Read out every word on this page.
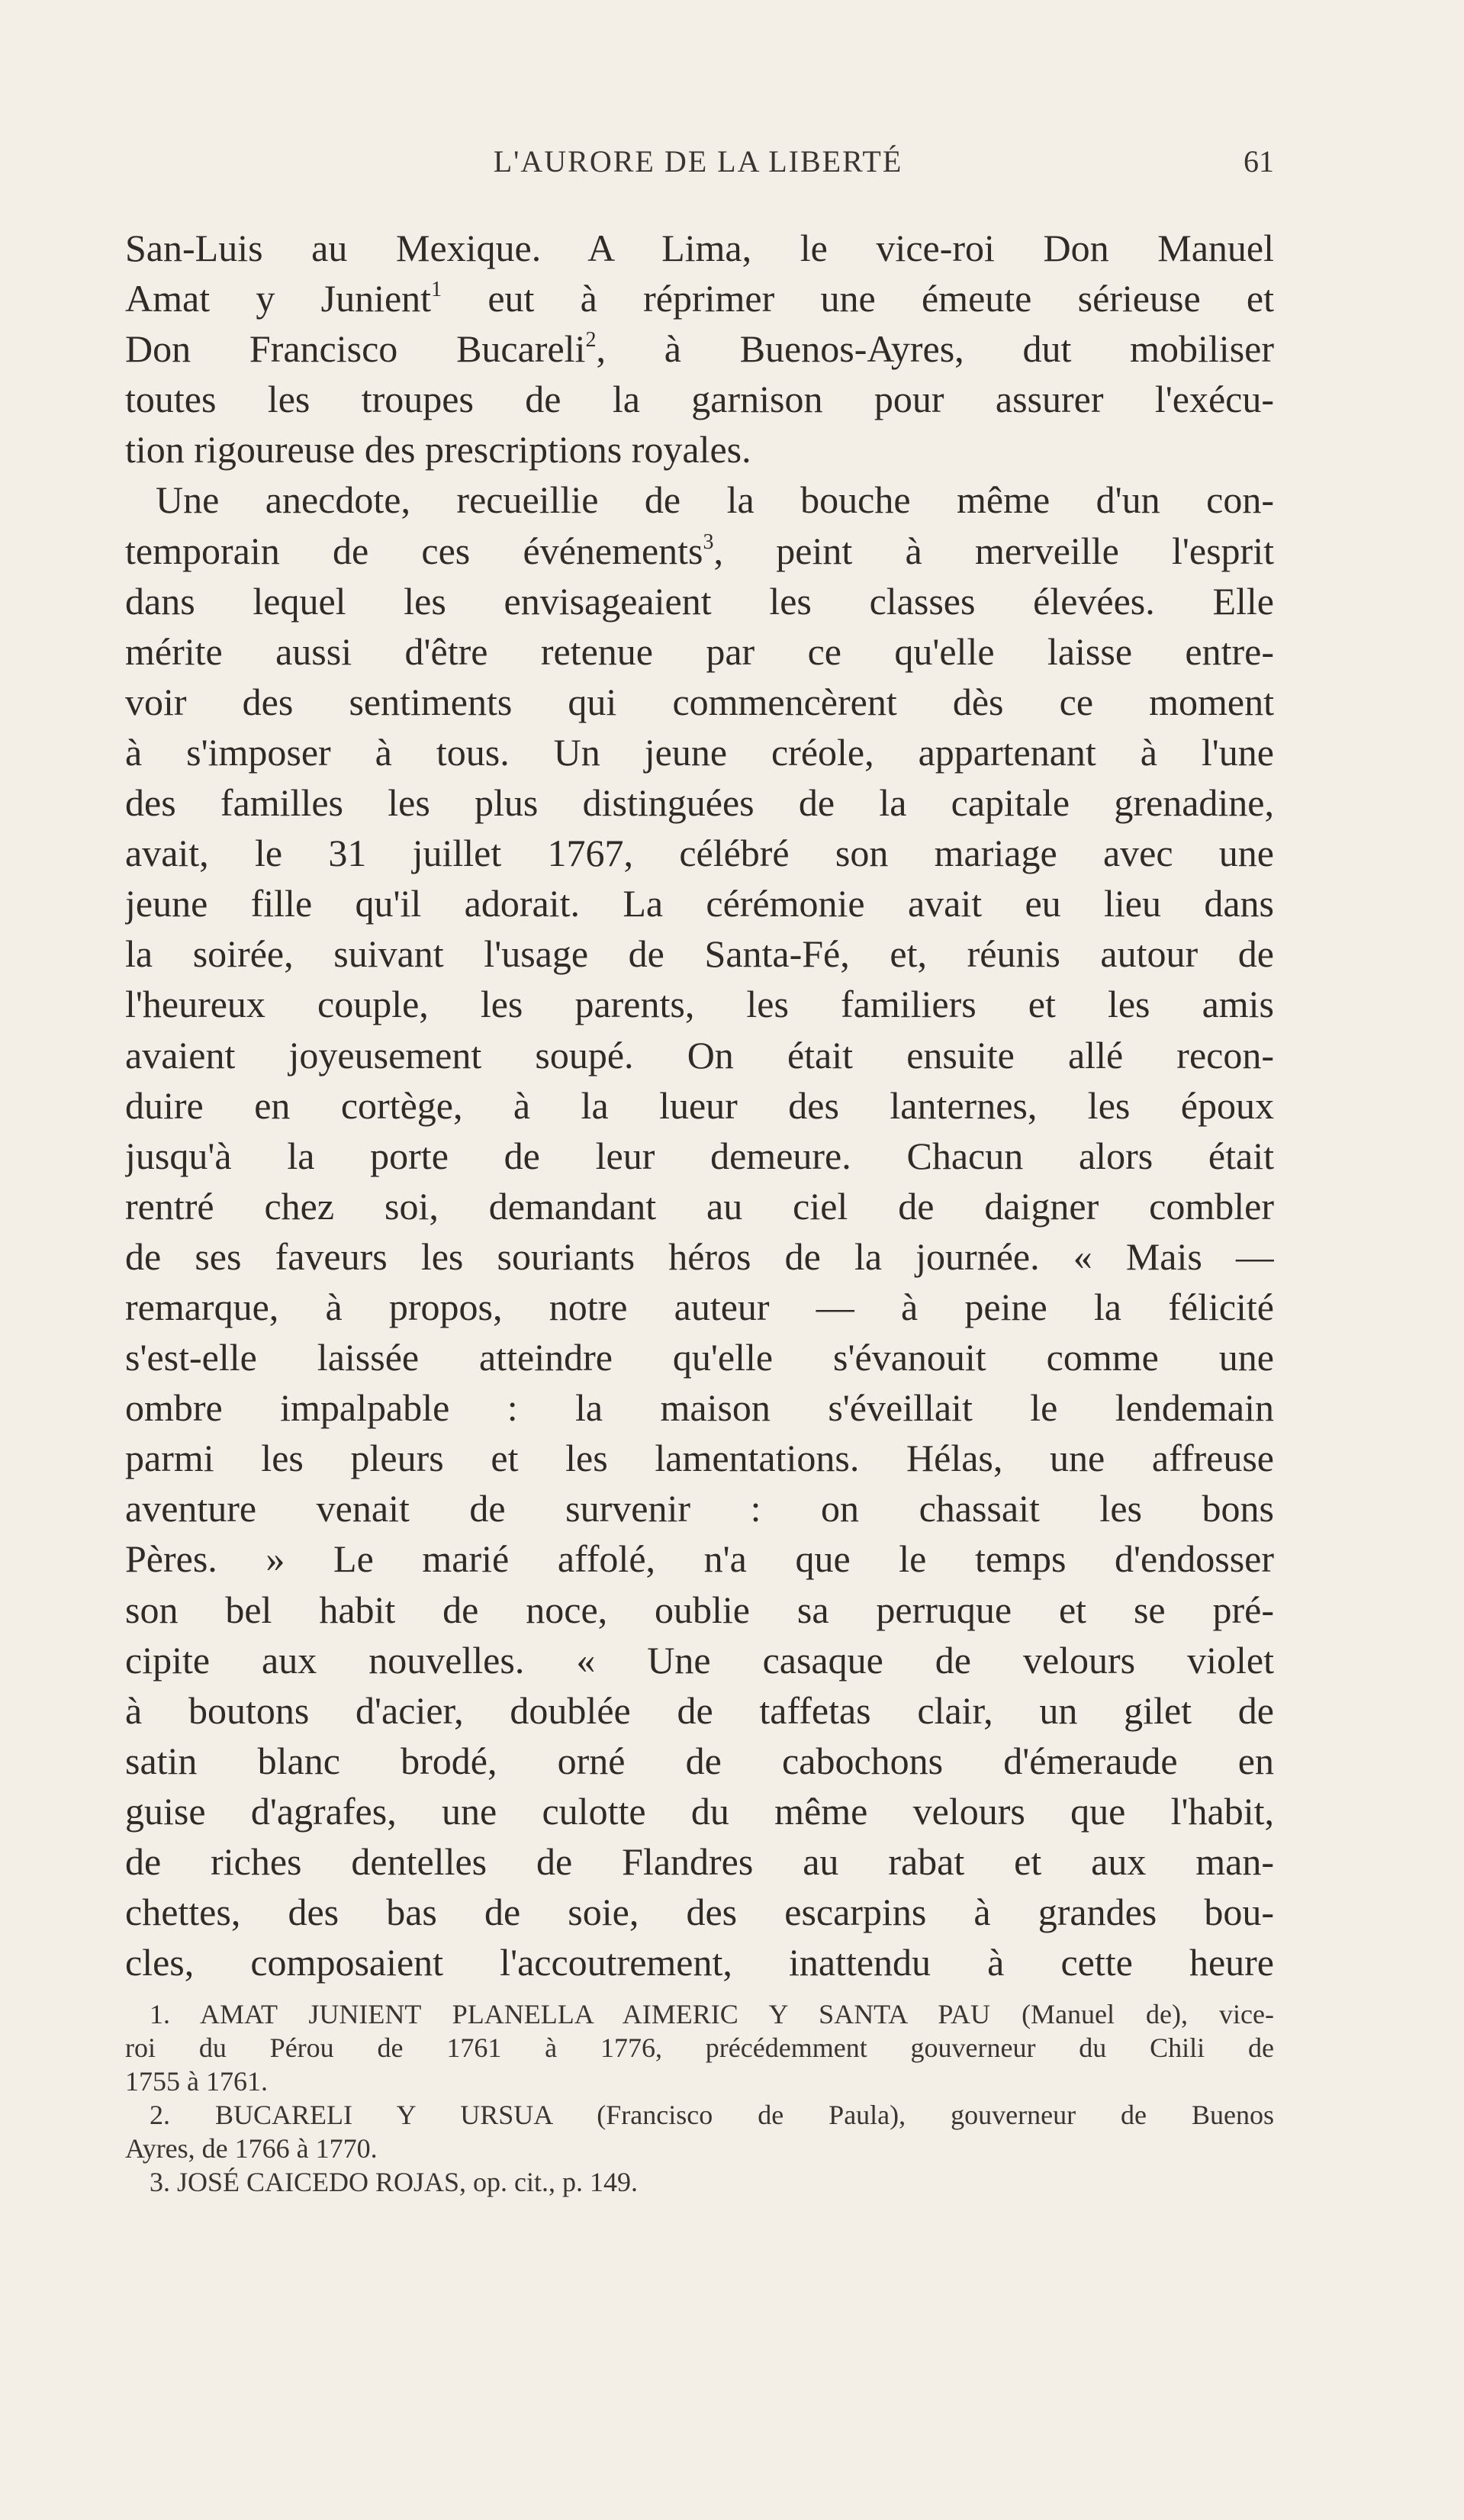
L'AURORE DE LA LIBERTÉ	61
San-Luis au Mexique. A Lima, le vice-roi Don Manuel
Amat y Junient$^1$ eut à réprimer une émeute sérieuse et
Don Francisco Bucareli$^2$, à Buenos-Ayres, dut mobiliser
toutes les troupes de la garnison pour assurer l'exécu-
tion rigoureuse des prescriptions royales.
Une anecdote, recueillie de la bouche même d'un con-
temporain de ces événements$^3$, peint à merveille l'esprit
dans lequel les envisageaient les classes élevées. Elle
mérite aussi d'être retenue par ce qu'elle laisse entre-
voir des sentiments qui commencèrent dès ce moment
à s'imposer à tous. Un jeune créole, appartenant à l'une
des familles les plus distinguées de la capitale grenadine,
avait, le 31 juillet 1767, célébré son mariage avec une
jeune fille qu'il adorait. La cérémonie avait eu lieu dans
la soirée, suivant l'usage de Santa-Fé, et, réunis autour de
l'heureux couple, les parents, les familiers et les amis
avaient joyeusement soupé. On était ensuite allé recon-
duire en cortège, à la lueur des lanternes, les époux
jusqu'à la porte de leur demeure. Chacun alors était
rentré chez soi, demandant au ciel de daigner combler
de ses faveurs les souriants héros de la journée. « Mais —
remarque, à propos, notre auteur — à peine la félicité
s'est-elle laissée atteindre qu'elle s'évanouit comme une
ombre impalpable : la maison s'éveillait le lendemain
parmi les pleurs et les lamentations. Hélas, une affreuse
aventure venait de survenir : on chassait les bons
Pères. » Le marié affolé, n'a que le temps d'endosser
son bel habit de noce, oublie sa perruque et se pré-
cipite aux nouvelles. « Une casaque de velours violet
à boutons d'acier, doublée de taffetas clair, un gilet de
satin blanc brodé, orné de cabochons d'émeraude en
guise d'agrafes, une culotte du même velours que l'habit,
de riches dentelles de Flandres au rabat et aux man-
chettes, des bas de soie, des escarpins à grandes bou-
cles, composaient l'accoutrement, inattendu à cette heure
1. AMAT JUNIENT PLANELLA AIMERIC Y SANTA PAU (Manuel de), vice-
roi du Pérou de 1761 à 1776, précédemment gouverneur du Chili de
1755 à 1761.
2. BUCARELI Y URSUA (Francisco de Paula), gouverneur de Buenos
Ayres, de 1766 à 1770.
3. JOSÉ CAICEDO ROJAS, op. cit., p. 149.
